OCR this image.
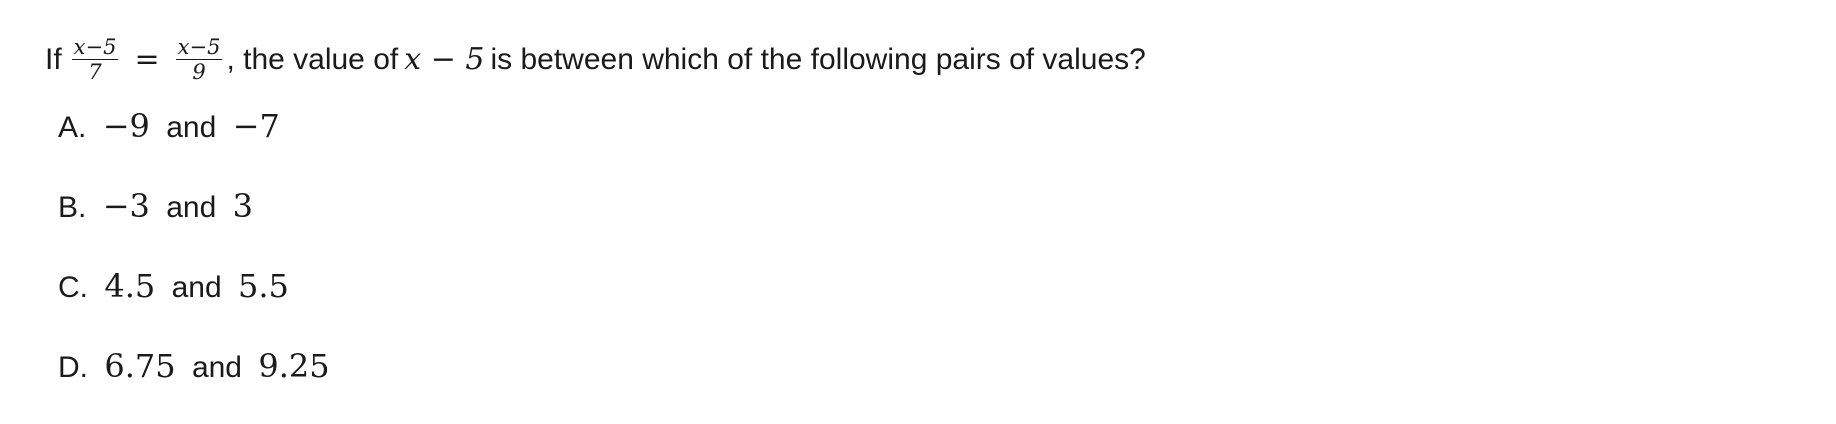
If $\frac{x-5}{7} = \frac{x-5}{9}$ , the value of x − 5 is between which of the following pairs of values?
A. −9 and −7
B. −3 and 3
C. 4.5 and 5.5
D. 6.75 and 9.25
